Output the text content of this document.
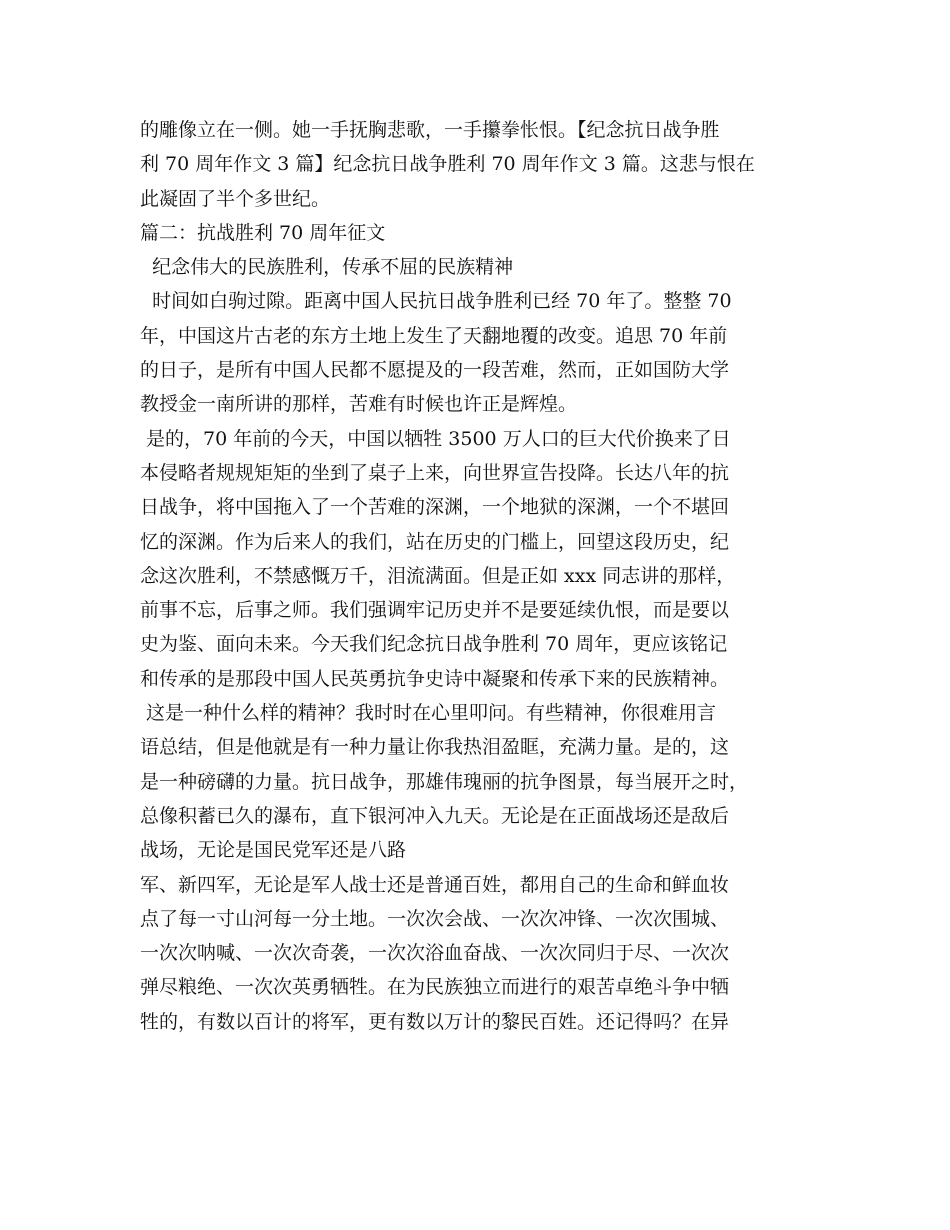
的雕像立在一侧。她一手抚胸悲歌，一手攥拳怅恨。【纪念抗日战争胜
利 70 周年作文 3 篇】纪念抗日战争胜利 70 周年作文 3 篇。这悲与恨在
此凝固了半个多世纪。
篇二：抗战胜利 70 周年征文
纪念伟大的民族胜利，传承不屈的民族精神
时间如白驹过隙。距离中国人民抗日战争胜利已经 70 年了。整整 70
年，中国这片古老的东方土地上发生了天翻地覆的改变。追思 70 年前
的日子，是所有中国人民都不愿提及的一段苦难，然而，正如国防大学
教授金一南所讲的那样，苦难有时候也许正是辉煌。
是的，70 年前的今天，中国以牺牲 3500 万人口的巨大代价换来了日
本侵略者规规矩矩的坐到了桌子上来，向世界宣告投降。长达八年的抗
日战争，将中国拖入了一个苦难的深渊，一个地狱的深渊，一个不堪回
忆的深渊。作为后来人的我们，站在历史的门槛上，回望这段历史，纪
念这次胜利，不禁感慨万千，泪流满面。但是正如 xxx 同志讲的那样，
前事不忘，后事之师。我们强调牢记历史并不是要延续仇恨，而是要以
史为鉴、面向未来。今天我们纪念抗日战争胜利 70 周年，更应该铭记
和传承的是那段中国人民英勇抗争史诗中凝聚和传承下来的民族精神。
这是一种什么样的精神？我时时在心里叩问。有些精神，你很难用言
语总结，但是他就是有一种力量让你我热泪盈眶，充满力量。是的，这
是一种磅礴的力量。抗日战争，那雄伟瑰丽的抗争图景，每当展开之时，
总像积蓄已久的瀑布，直下银河冲入九天。无论是在正面战场还是敌后
战场，无论是国民党军还是八路
军、新四军，无论是军人战士还是普通百姓，都用自己的生命和鲜血妆
点了每一寸山河每一分土地。一次次会战、一次次冲锋、一次次围城、
一次次呐喊、一次次奇袭，一次次浴血奋战、一次次同归于尽、一次次
弹尽粮绝、一次次英勇牺牲。在为民族独立而进行的艰苦卓绝斗争中牺
牲的，有数以百计的将军，更有数以万计的黎民百姓。还记得吗？在异
